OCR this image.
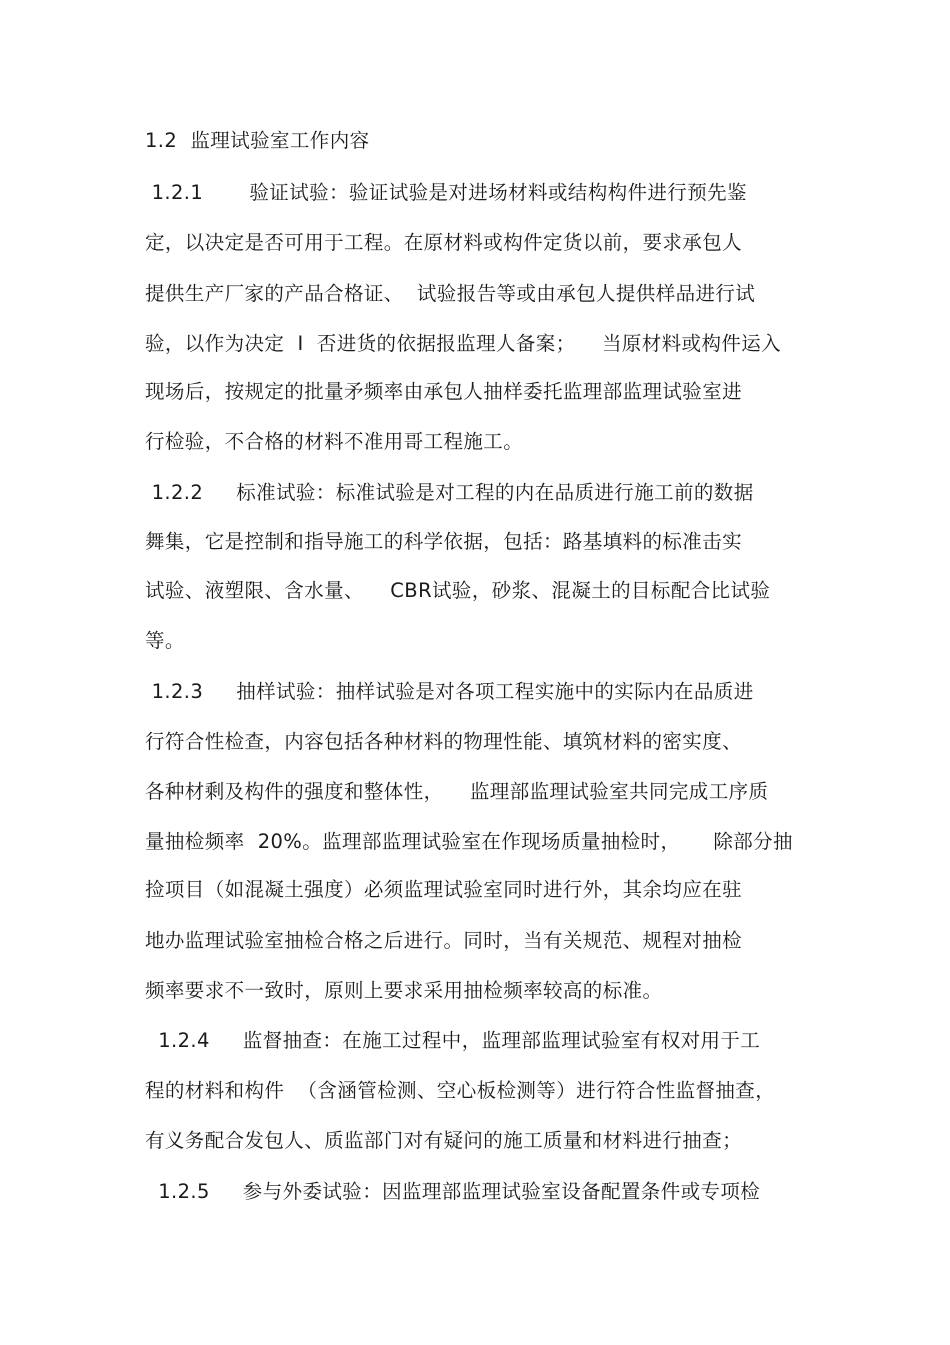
1.2  监理试验室工作内容
1.2.1       验证试验：验证试验是对进场材料或结构构件进行预先鉴
定，以决定是否可用于工程。在原材料或构件定货以前，要求承包人
提供生产厂家的产品合格证、  试验报告等或由承包人提供样品进行试
验，以作为决定  I  否进货的依据报监理人备案；    当原材料或构件运入
现场后，按规定的批量矛频率由承包人抽样委托监理部监理试验室进
行检验，不合格的材料不准用哥工程施工。
1.2.2     标准试验：标准试验是对工程的内在品质进行施工前的数据
舞集，它是控制和指导施工的科学依据，包括：路基填料的标准击实
试验、液塑限、含水量、    CBR试验，砂浆、混凝土的目标配合比试验
等。
1.2.3     抽样试验：抽样试验是对各项工程实施中的实际内在品质进
行符合性检查，内容包括各种材料的物理性能、填筑材料的密实度、
各种材剩及构件的强度和整体性，    监理部监理试验室共同完成工序质
量抽检频率  20%。监理部监理试验室在作现场质量抽检时，     除部分抽
捡项目（如混凝土强度）必须监理试验室同时进行外，其余均应在驻
地办监理试验室抽检合格之后进行。同时，当有关规范、规程对抽检
频率要求不一致时，原则上要求采用抽检频率较高的标准。
1.2.4     监督抽查：在施工过程中，监理部监理试验室有权对用于工
程的材料和构件  （含涵管检测、空心板检测等）进行符合性监督抽查，
有义务配合发包人、质监部门对有疑问的施工质量和材料进行抽查；
1.2.5     参与外委试验：因监理部监理试验室设备配置条件或专项检
